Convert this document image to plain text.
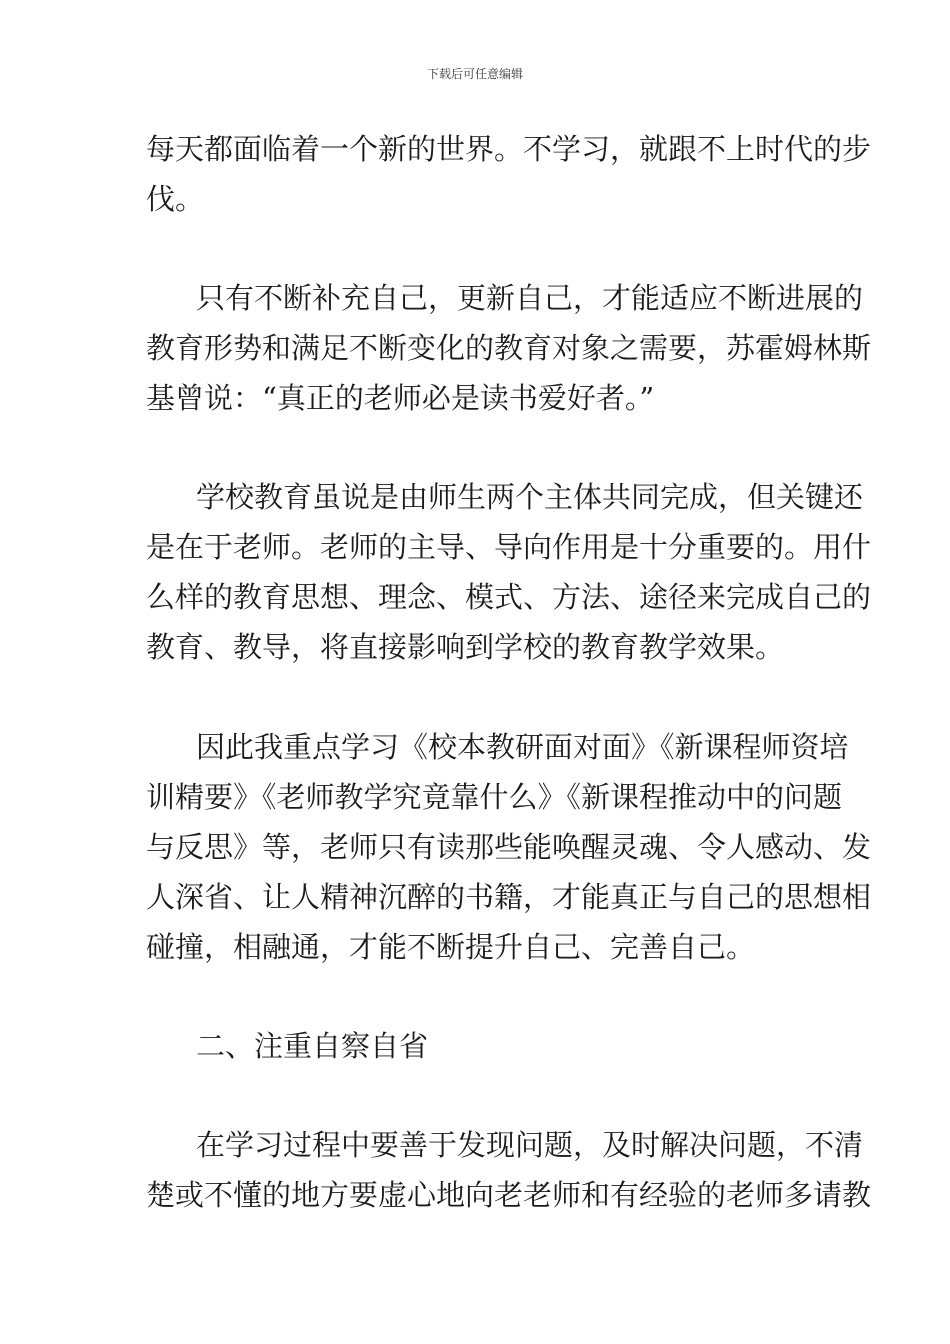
下载后可任意编辑
每天都面临着一个新的世界。不学习，就跟不上时代的步
伐。
只有不断补充自己，更新自己，才能适应不断进展的
教育形势和满足不断变化的教育对象之需要，苏霍姆林斯
基曾说：“真正的老师必是读书爱好者。”
学校教育虽说是由师生两个主体共同完成，但关键还
是在于老师。老师的主导、导向作用是十分重要的。用什
么样的教育思想、理念、模式、方法、途径来完成自己的
教育、教导，将直接影响到学校的教育教学效果。
因此我重点学习《校本教研面对面》《新课程师资培
训精要》《老师教学究竟靠什么》《新课程推动中的问题
与反思》等，老师只有读那些能唤醒灵魂、令人感动、发
人深省、让人精神沉醉的书籍，才能真正与自己的思想相
碰撞，相融通，才能不断提升自己、完善自己。
二、注重自察自省
在学习过程中要善于发现问题，及时解决问题，不清
楚或不懂的地方要虚心地向老老师和有经验的老师多请教
